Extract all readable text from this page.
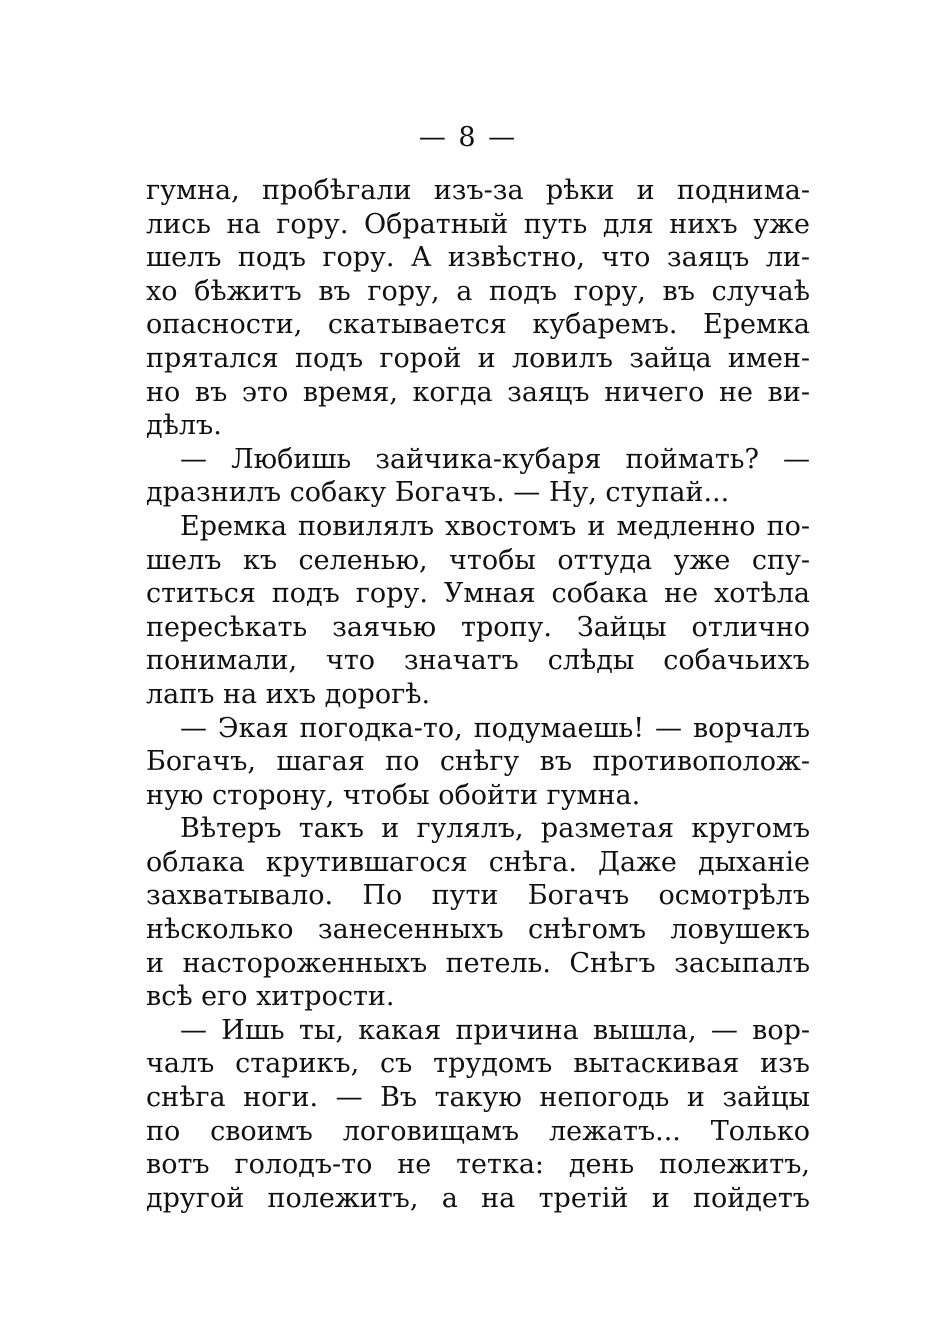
— 8 —
гумна, пробѣгали изъ-за рѣки и поднима-
лись на гору. Обратный путь для нихъ уже
шелъ подъ гору. А извѣстно, что заяцъ ли-
хо бѣжитъ въ гору, а подъ гору, въ случаѣ
опасности, скатывается кубаремъ. Еремка
прятался подъ горой и ловилъ зайца имен-
но въ это время, когда заяцъ ничего не ви-
дѣлъ.
— Любишь зайчика-кубаря поймать? —
дразнилъ собаку Богачъ. — Ну, ступай...
Еремка повилялъ хвостомъ и медленно по-
шелъ къ селенью, чтобы оттуда уже спу-
ститься подъ гору. Умная собака не хотѣла
пересѣкать заячью тропу. Зайцы отлично
понимали, что значатъ слѣды собачьихъ
лапъ на ихъ дорогѣ.
— Экая погодка-то, подумаешь! — ворчалъ
Богачъ, шагая по снѣгу въ противополож-
ную сторону, чтобы обойти гумна.
Вѣтеръ такъ и гулялъ, разметая кругомъ
облака крутившагося снѣга. Даже дыханіе
захватывало. По пути Богачъ осмотрѣлъ
нѣсколько занесенныхъ снѣгомъ ловушекъ
и настороженныхъ петель. Снѣгъ засыпалъ
всѣ его хитрости.
— Ишь ты, какая причина вышла, — вор-
чалъ старикъ, съ трудомъ вытаскивая изъ
снѣга ноги. — Въ такую непогодь и зайцы
по своимъ логовищамъ лежатъ... Только
вотъ голодъ-то не тетка: день полежитъ,
другой полежитъ, а на третій и пойдетъ
